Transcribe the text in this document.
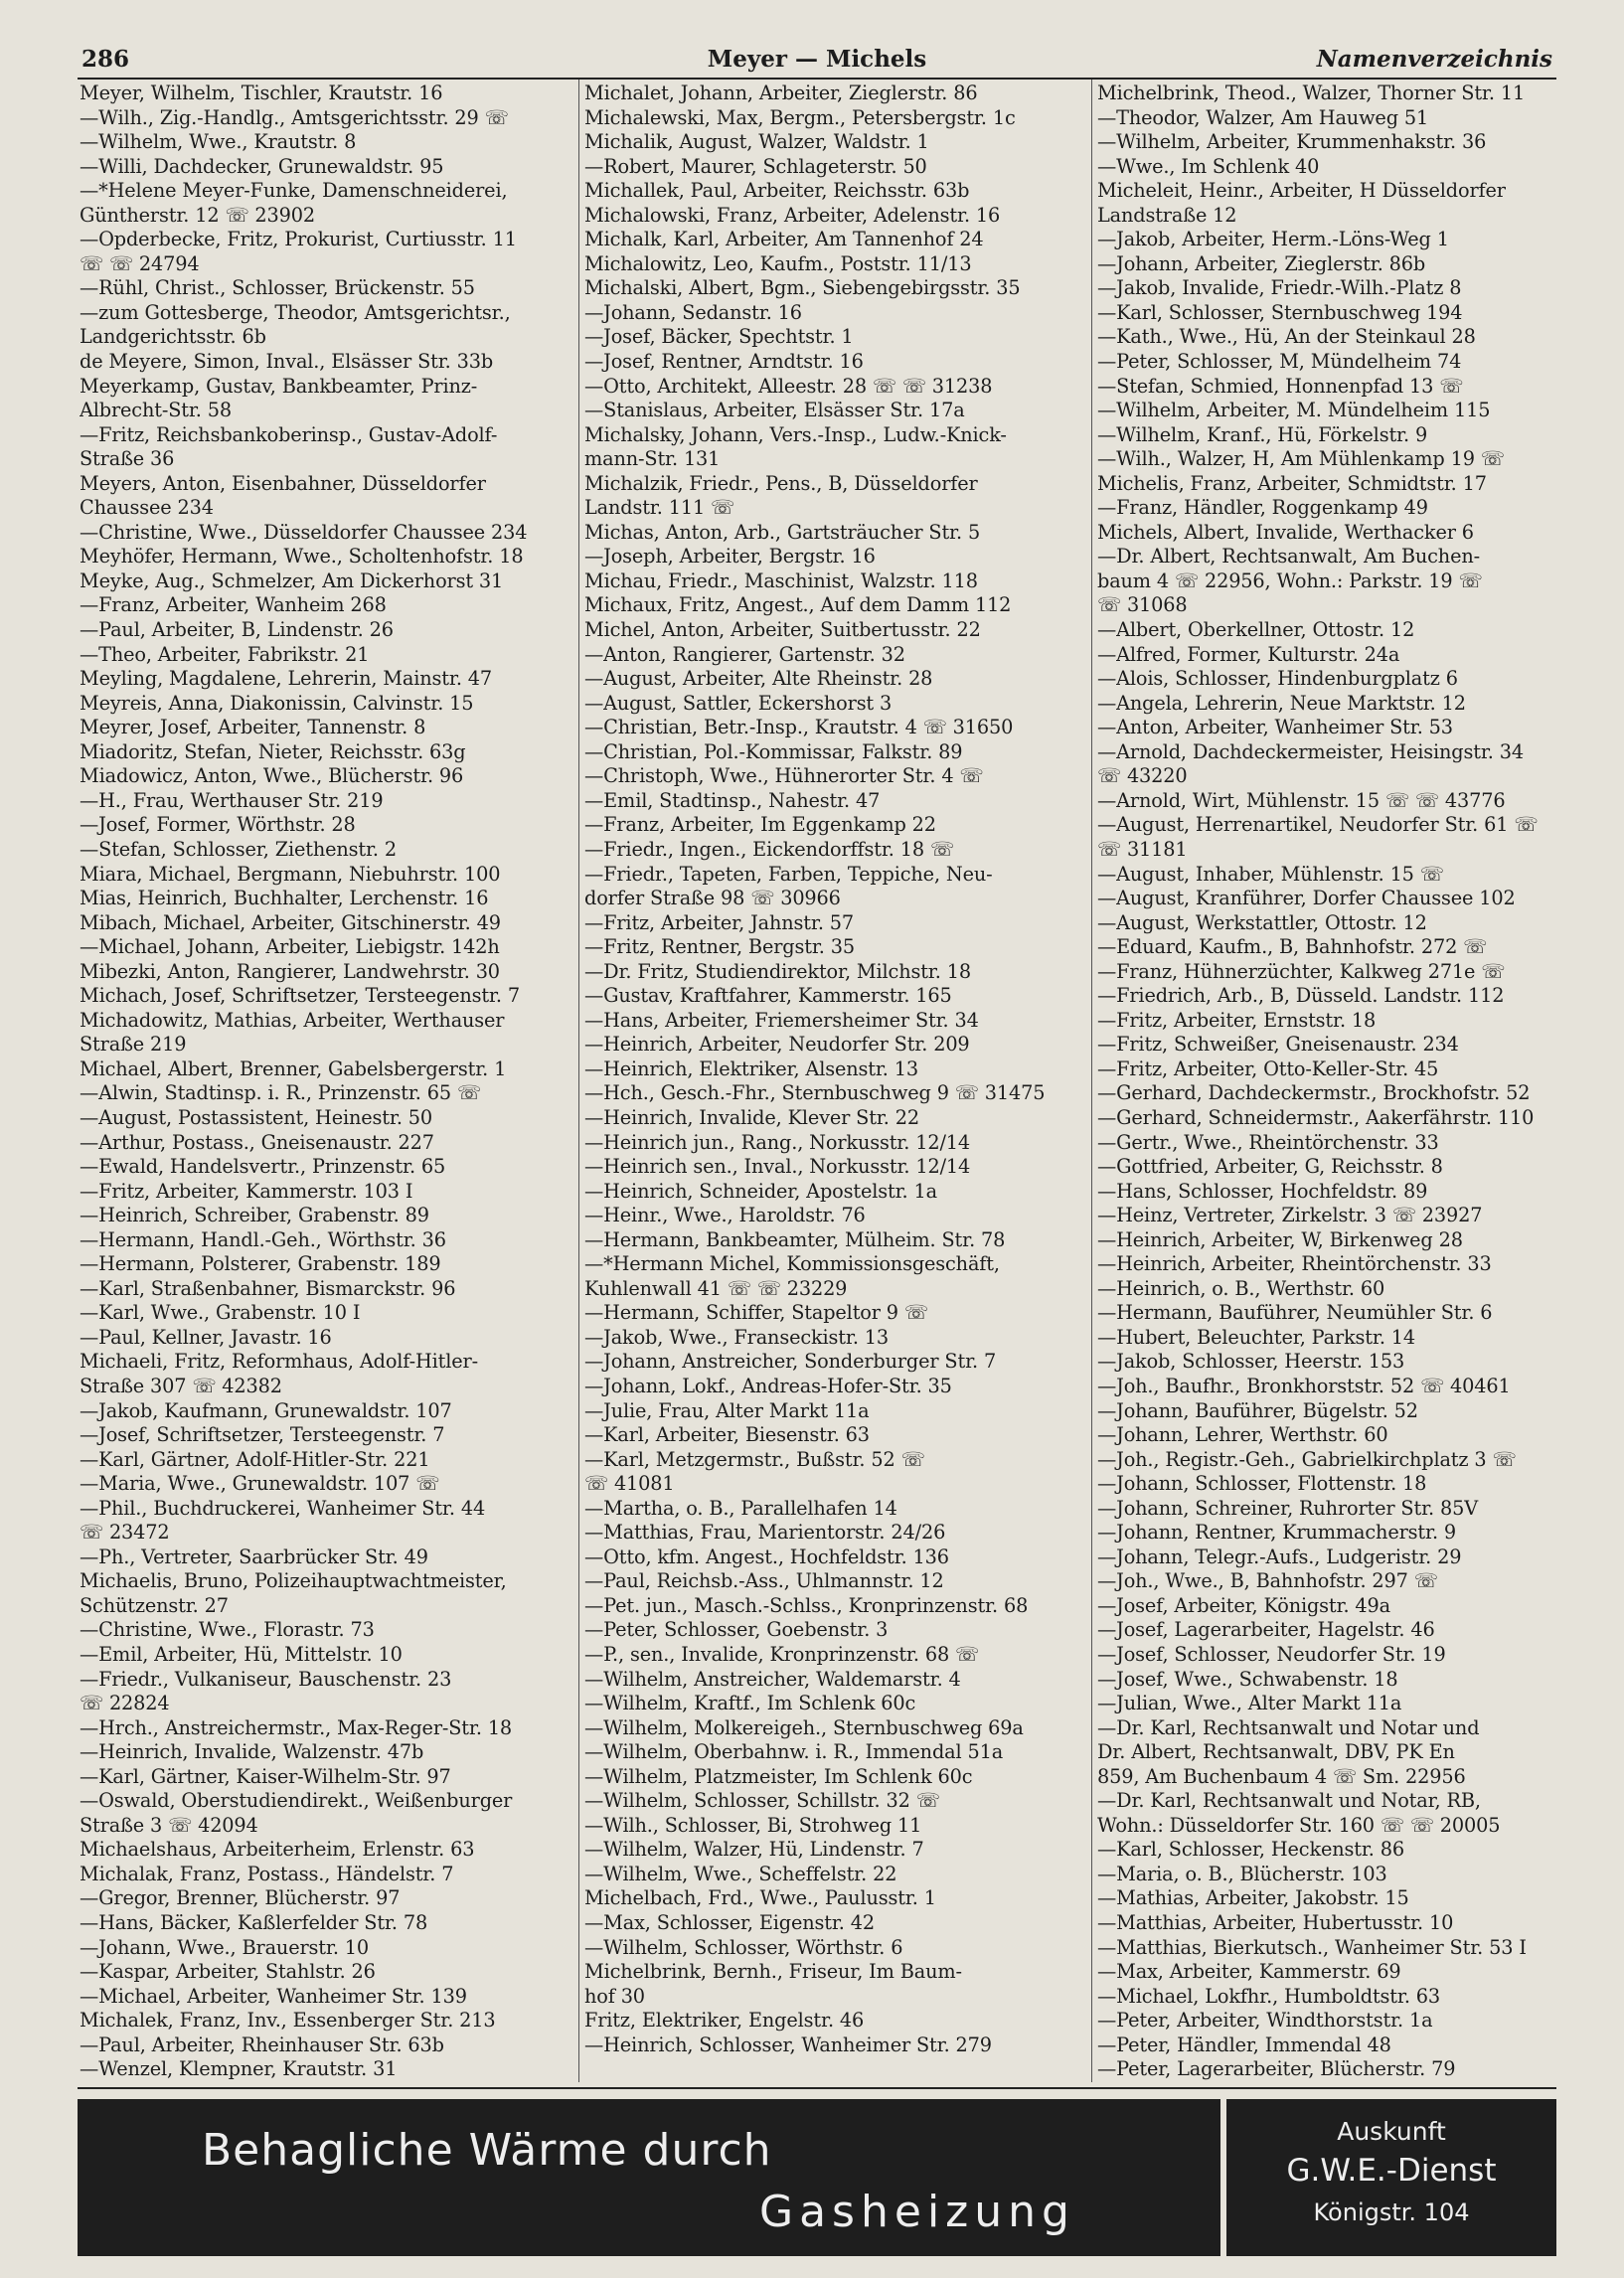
286	Meyer — Michels	Namenverzeichnis
Meyer, Wilhelm, Tischler, Krautstr. 16
—Wilh., Zig.-Handlg., Amtsgerichtsstr. 29 ☏
—Wilhelm, Wwe., Krautstr. 8
—Willi, Dachdecker, Grunewaldstr. 95
—*Helene Meyer-Funke, Damenschneiderei,
Güntherstr. 12 ☏ 23902
—Opderbecke, Fritz, Prokurist, Curtiusstr. 11
☏ ☏ 24794
—Rühl, Christ., Schlosser, Brückenstr. 55
—zum Gottesberge, Theodor, Amtsgerichtsr.,
Landgerichtsstr. 6b
de Meyere, Simon, Inval., Elsässer Str. 33b
Meyerkamp, Gustav, Bankbeamter, Prinz-
Albrecht-Str. 58
—Fritz, Reichsbankoberinsp., Gustav-Adolf-
Straße 36
Meyers, Anton, Eisenbahner, Düsseldorfer
Chaussee 234
—Christine, Wwe., Düsseldorfer Chaussee 234
Meyhöfer, Hermann, Wwe., Scholtenhofstr. 18
Meyke, Aug., Schmelzer, Am Dickerhorst 31
—Franz, Arbeiter, Wanheim 268
—Paul, Arbeiter, B, Lindenstr. 26
—Theo, Arbeiter, Fabrikstr. 21
Meyling, Magdalene, Lehrerin, Mainstr. 47
Meyreis, Anna, Diakonissin, Calvinstr. 15
Meyrer, Josef, Arbeiter, Tannenstr. 8
Miadoritz, Stefan, Nieter, Reichsstr. 63g
Miadowicz, Anton, Wwe., Blücherstr. 96
—H., Frau, Werthauser Str. 219
—Josef, Former, Wörthstr. 28
—Stefan, Schlosser, Ziethenstr. 2
Miara, Michael, Bergmann, Niebuhrstr. 100
Mias, Heinrich, Buchhalter, Lerchenstr. 16
Mibach, Michael, Arbeiter, Gitschinerstr. 49
—Michael, Johann, Arbeiter, Liebigstr. 142h
Mibezki, Anton, Rangierer, Landwehrstr. 30
Michach, Josef, Schriftsetzer, Tersteegenstr. 7
Michadowitz, Mathias, Arbeiter, Werthauser
Straße 219
Michael, Albert, Brenner, Gabelsbergerstr. 1
—Alwin, Stadtinsp. i. R., Prinzenstr. 65 ☏
—August, Postassistent, Heinestr. 50
—Arthur, Postass., Gneisenaustr. 227
—Ewald, Handelsvertr., Prinzenstr. 65
—Fritz, Arbeiter, Kammerstr. 103 I
—Heinrich, Schreiber, Grabenstr. 89
—Hermann, Handl.-Geh., Wörthstr. 36
—Hermann, Polsterer, Grabenstr. 189
—Karl, Straßenbahner, Bismarckstr. 96
—Karl, Wwe., Grabenstr. 10 I
—Paul, Kellner, Javastr. 16
Michaeli, Fritz, Reformhaus, Adolf-Hitler-
Straße 307 ☏ 42382
—Jakob, Kaufmann, Grunewaldstr. 107
—Josef, Schriftsetzer, Tersteegenstr. 7
—Karl, Gärtner, Adolf-Hitler-Str. 221
—Maria, Wwe., Grunewaldstr. 107 ☏
—Phil., Buchdruckerei, Wanheimer Str. 44
☏ 23472
—Ph., Vertreter, Saarbrücker Str. 49
Michaelis, Bruno, Polizeihauptwachtmeister,
Schützenstr. 27
—Christine, Wwe., Florastr. 73
—Emil, Arbeiter, Hü, Mittelstr. 10
—Friedr., Vulkaniseur, Bauschenstr. 23
☏ 22824
—Hrch., Anstreichermstr., Max-Reger-Str. 18
—Heinrich, Invalide, Walzenstr. 47b
—Karl, Gärtner, Kaiser-Wilhelm-Str. 97
—Oswald, Oberstudiendirekt., Weißenburger
Straße 3 ☏ 42094
Michaelshaus, Arbeiterheim, Erlenstr. 63
Michalak, Franz, Postass., Händelstr. 7
—Gregor, Brenner, Blücherstr. 97
—Hans, Bäcker, Kaßlerfelder Str. 78
—Johann, Wwe., Brauerstr. 10
—Kaspar, Arbeiter, Stahlstr. 26
—Michael, Arbeiter, Wanheimer Str. 139
Michalek, Franz, Inv., Essenberger Str. 213
—Paul, Arbeiter, Rheinhauser Str. 63b
—Wenzel, Klempner, Krautstr. 31
Michalet, Johann, Arbeiter, Zieglerstr. 86
Michalewski, Max, Bergm., Petersbergstr. 1c
Michalik, August, Walzer, Waldstr. 1
—Robert, Maurer, Schlageterstr. 50
Michallek, Paul, Arbeiter, Reichsstr. 63b
Michalowski, Franz, Arbeiter, Adelenstr. 16
Michalk, Karl, Arbeiter, Am Tannenhof 24
Michalowitz, Leo, Kaufm., Poststr. 11/13
Michalski, Albert, Bgm., Siebengebirgsstr. 35
—Johann, Sedanstr. 16
—Josef, Bäcker, Spechtstr. 1
—Josef, Rentner, Arndtstr. 16
—Otto, Architekt, Alleestr. 28 ☏ ☏ 31238
—Stanislaus, Arbeiter, Elsässer Str. 17a
Michalsky, Johann, Vers.-Insp., Ludw.-Knick-
mann-Str. 131
Michalzik, Friedr., Pens., B, Düsseldorfer
Landstr. 111 ☏
Michas, Anton, Arb., Gartsträucher Str. 5
—Joseph, Arbeiter, Bergstr. 16
Michau, Friedr., Maschinist, Walzstr. 118
Michaux, Fritz, Angest., Auf dem Damm 112
Michel, Anton, Arbeiter, Suitbertusstr. 22
—Anton, Rangierer, Gartenstr. 32
—August, Arbeiter, Alte Rheinstr. 28
—August, Sattler, Eckershorst 3
—Christian, Betr.-Insp., Krautstr. 4 ☏ 31650
—Christian, Pol.-Kommissar, Falkstr. 89
—Christoph, Wwe., Hühnerorter Str. 4 ☏
—Emil, Stadtinsp., Nahestr. 47
—Franz, Arbeiter, Im Eggenkamp 22
—Friedr., Ingen., Eickendorffstr. 18 ☏
—Friedr., Tapeten, Farben, Teppiche, Neu-
dorfer Straße 98 ☏ 30966
—Fritz, Arbeiter, Jahnstr. 57
—Fritz, Rentner, Bergstr. 35
—Dr. Fritz, Studiendirektor, Milchstr. 18
—Gustav, Kraftfahrer, Kammerstr. 165
—Hans, Arbeiter, Friemersheimer Str. 34
—Heinrich, Arbeiter, Neudorfer Str. 209
—Heinrich, Elektriker, Alsenstr. 13
—Hch., Gesch.-Fhr., Sternbuschweg 9 ☏ 31475
—Heinrich, Invalide, Klever Str. 22
—Heinrich jun., Rang., Norkusstr. 12/14
—Heinrich sen., Inval., Norkusstr. 12/14
—Heinrich, Schneider, Apostelstr. 1a
—Heinr., Wwe., Haroldstr. 76
—Hermann, Bankbeamter, Mülheim. Str. 78
—*Hermann Michel, Kommissionsgeschäft,
Kuhlenwall 41 ☏ ☏ 23229
—Hermann, Schiffer, Stapeltor 9 ☏
—Jakob, Wwe., Franseckistr. 13
—Johann, Anstreicher, Sonderburger Str. 7
—Johann, Lokf., Andreas-Hofer-Str. 35
—Julie, Frau, Alter Markt 11a
—Karl, Arbeiter, Biesenstr. 63
—Karl, Metzgermstr., Bußstr. 52 ☏
☏ 41081
—Martha, o. B., Parallelhafen 14
—Matthias, Frau, Marientorstr. 24/26
—Otto, kfm. Angest., Hochfeldstr. 136
—Paul, Reichsb.-Ass., Uhlmannstr. 12
—Pet. jun., Masch.-Schlss., Kronprinzenstr. 68
—Peter, Schlosser, Goebenstr. 3
—P., sen., Invalide, Kronprinzenstr. 68 ☏
—Wilhelm, Anstreicher, Waldemarstr. 4
—Wilhelm, Kraftf., Im Schlenk 60c
—Wilhelm, Molkereigeh., Sternbuschweg 69a
—Wilhelm, Oberbahnw. i. R., Immendal 51a
—Wilhelm, Platzmeister, Im Schlenk 60c
—Wilhelm, Schlosser, Schillstr. 32 ☏
—Wilh., Schlosser, Bi, Strohweg 11
—Wilhelm, Walzer, Hü, Lindenstr. 7
—Wilhelm, Wwe., Scheffelstr. 22
Michelbach, Frd., Wwe., Paulusstr. 1
—Max, Schlosser, Eigenstr. 42
—Wilhelm, Schlosser, Wörthstr. 6
Michelbrink, Bernh., Friseur, Im Baum-
hof 30
Fritz, Elektriker, Engelstr. 46
—Heinrich, Schlosser, Wanheimer Str. 279
Michelbrink, Theod., Walzer, Thorner Str. 11
—Theodor, Walzer, Am Hauweg 51
—Wilhelm, Arbeiter, Krummenhakstr. 36
—Wwe., Im Schlenk 40
Micheleit, Heinr., Arbeiter, H Düsseldorfer
Landstraße 12
—Jakob, Arbeiter, Herm.-Löns-Weg 1
—Johann, Arbeiter, Zieglerstr. 86b
—Jakob, Invalide, Friedr.-Wilh.-Platz 8
—Karl, Schlosser, Sternbuschweg 194
—Kath., Wwe., Hü, An der Steinkaul 28
—Peter, Schlosser, M, Mündelheim 74
—Stefan, Schmied, Honnenpfad 13 ☏
—Wilhelm, Arbeiter, M. Mündelheim 115
—Wilhelm, Kranf., Hü, Förkelstr. 9
—Wilh., Walzer, H, Am Mühlenkamp 19 ☏
Michelis, Franz, Arbeiter, Schmidtstr. 17
—Franz, Händler, Roggenkamp 49
Michels, Albert, Invalide, Werthacker 6
—Dr. Albert, Rechtsanwalt, Am Buchen-
baum 4 ☏ 22956, Wohn.: Parkstr. 19 ☏
☏ 31068
—Albert, Oberkellner, Ottostr. 12
—Alfred, Former, Kulturstr. 24a
—Alois, Schlosser, Hindenburgplatz 6
—Angela, Lehrerin, Neue Marktstr. 12
—Anton, Arbeiter, Wanheimer Str. 53
—Arnold, Dachdeckermeister, Heisingstr. 34
☏ 43220
—Arnold, Wirt, Mühlenstr. 15 ☏ ☏ 43776
—August, Herrenartikel, Neudorfer Str. 61 ☏
☏ 31181
—August, Inhaber, Mühlenstr. 15 ☏
—August, Kranführer, Dorfer Chaussee 102
—August, Werkstattler, Ottostr. 12
—Eduard, Kaufm., B, Bahnhofstr. 272 ☏
—Franz, Hühnerzüchter, Kalkweg 271e ☏
—Friedrich, Arb., B, Düsseld. Landstr. 112
—Fritz, Arbeiter, Ernststr. 18
—Fritz, Schweißer, Gneisenaustr. 234
—Fritz, Arbeiter, Otto-Keller-Str. 45
—Gerhard, Dachdeckermstr., Brockhofstr. 52
—Gerhard, Schneidermstr., Aakerfährstr. 110
—Gertr., Wwe., Rheintörchenstr. 33
—Gottfried, Arbeiter, G, Reichsstr. 8
—Hans, Schlosser, Hochfeldstr. 89
—Heinz, Vertreter, Zirkelstr. 3 ☏ 23927
—Heinrich, Arbeiter, W, Birkenweg 28
—Heinrich, Arbeiter, Rheintörchenstr. 33
—Heinrich, o. B., Werthstr. 60
—Hermann, Bauführer, Neumühler Str. 6
—Hubert, Beleuchter, Parkstr. 14
—Jakob, Schlosser, Heerstr. 153
—Joh., Baufhr., Bronkhorststr. 52 ☏ 40461
—Johann, Bauführer, Bügelstr. 52
—Johann, Lehrer, Werthstr. 60
—Joh., Registr.-Geh., Gabrielkirchplatz 3 ☏
—Johann, Schlosser, Flottenstr. 18
—Johann, Schreiner, Ruhrorter Str. 85V
—Johann, Rentner, Krummacherstr. 9
—Johann, Telegr.-Aufs., Ludgeristr. 29
—Joh., Wwe., B, Bahnhofstr. 297 ☏
—Josef, Arbeiter, Königstr. 49a
—Josef, Lagerarbeiter, Hagelstr. 46
—Josef, Schlosser, Neudorfer Str. 19
—Josef, Wwe., Schwabenstr. 18
—Julian, Wwe., Alter Markt 11a
—Dr. Karl, Rechtsanwalt und Notar und
Dr. Albert, Rechtsanwalt, DBV, PK En
859, Am Buchenbaum 4 ☏ Sm. 22956
—Dr. Karl, Rechtsanwalt und Notar, RB,
Wohn.: Düsseldorfer Str. 160 ☏ ☏ 20005
—Karl, Schlosser, Heckenstr. 86
—Maria, o. B., Blücherstr. 103
—Mathias, Arbeiter, Jakobstr. 15
—Matthias, Arbeiter, Hubertusstr. 10
—Matthias, Bierkutsch., Wanheimer Str. 53 I
—Max, Arbeiter, Kammerstr. 69
—Michael, Lokfhr., Humboldtstr. 63
—Peter, Arbeiter, Windthorststr. 1a
—Peter, Händler, Immendal 48
—Peter, Lagerarbeiter, Blücherstr. 79
Behagliche Wärme durch
Gasheizung
Auskunft
G.W.E.-Dienst
Königstr. 104
